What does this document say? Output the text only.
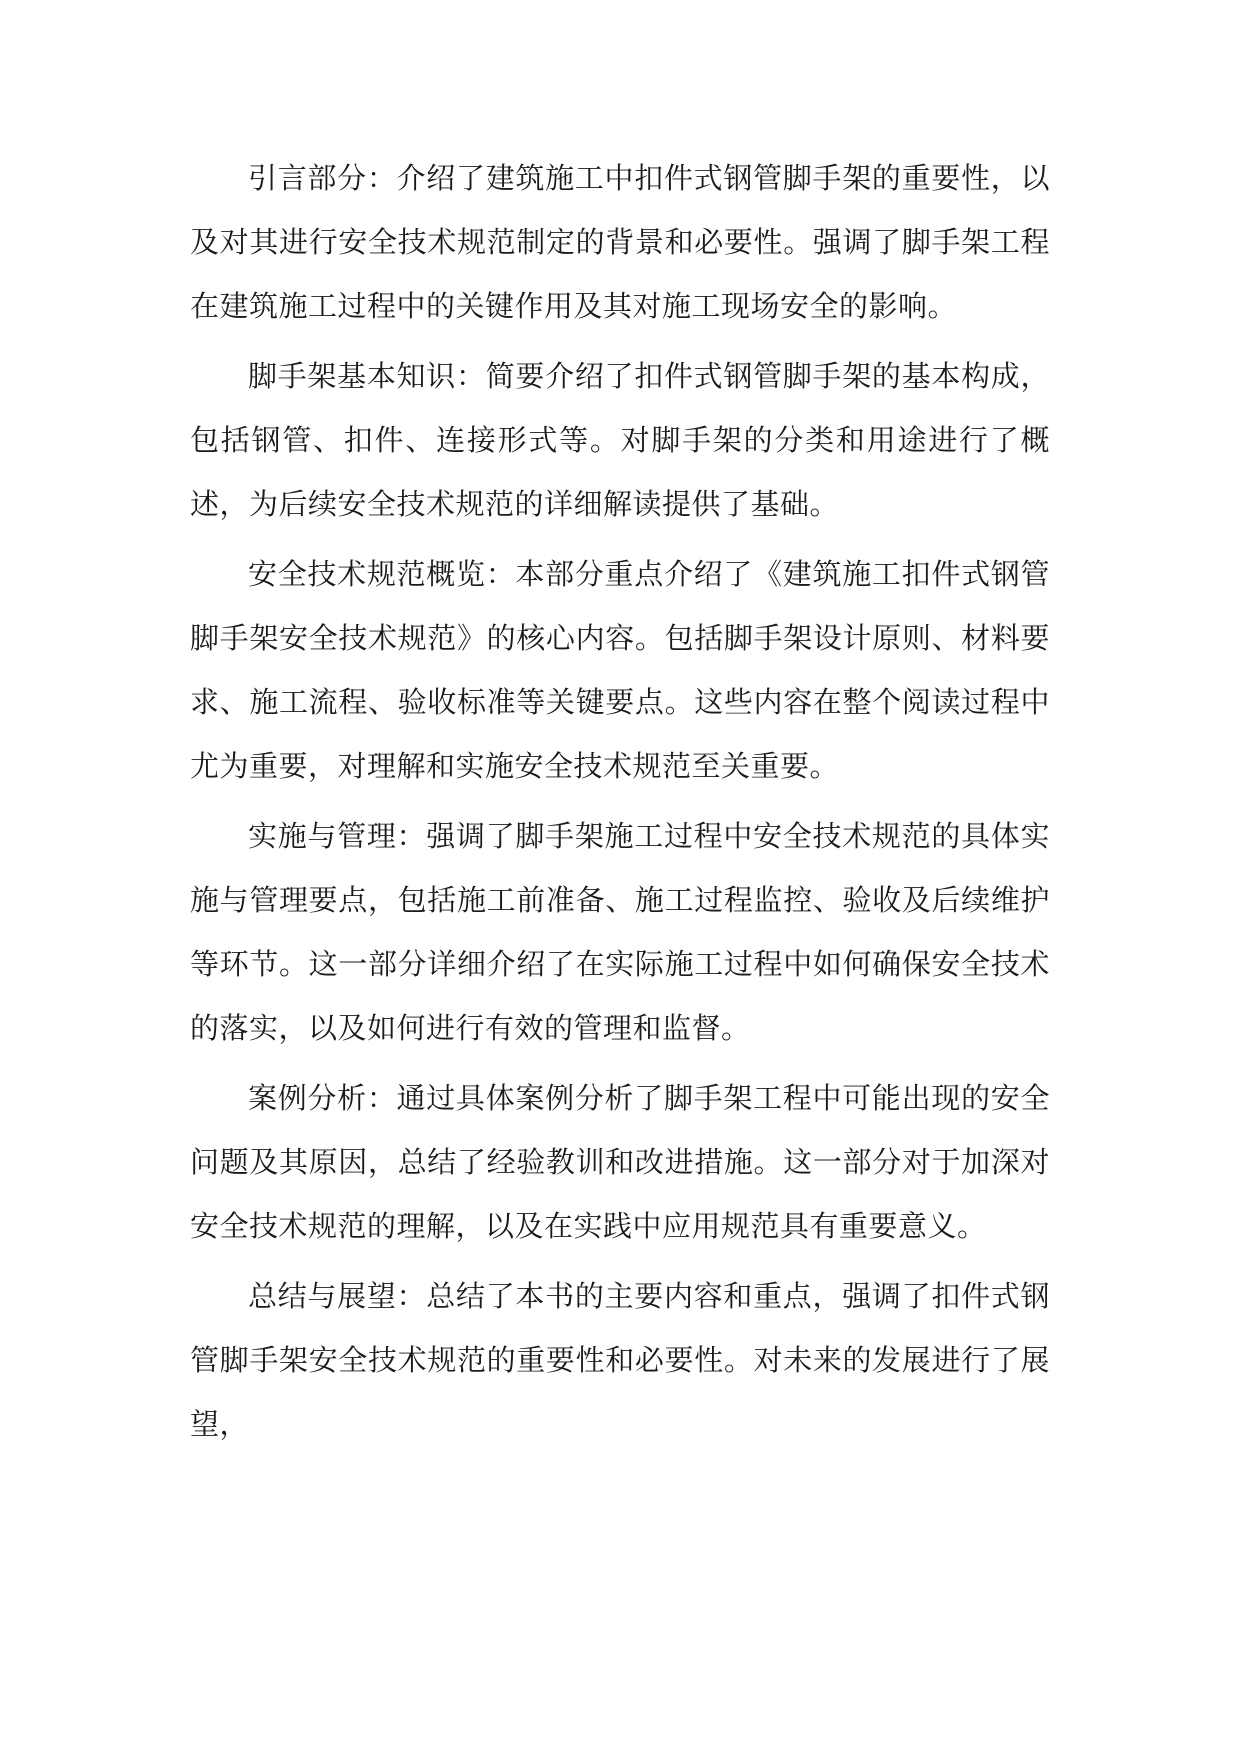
引言部分：介绍了建筑施工中扣件式钢管脚手架的重要性，以及对其进行安全技术规范制定的背景和必要性。强调了脚手架工程在建筑施工过程中的关键作用及其对施工现场安全的影响。

脚手架基本知识：简要介绍了扣件式钢管脚手架的基本构成，包括钢管、扣件、连接形式等。对脚手架的分类和用途进行了概述，为后续安全技术规范的详细解读提供了基础。

安全技术规范概览：本部分重点介绍了《建筑施工扣件式钢管脚手架安全技术规范》的核心内容。包括脚手架设计原则、材料要求、施工流程、验收标准等关键要点。这些内容在整个阅读过程中尤为重要，对理解和实施安全技术规范至关重要。

实施与管理：强调了脚手架施工过程中安全技术规范的具体实施与管理要点，包括施工前准备、施工过程监控、验收及后续维护等环节。这一部分详细介绍了在实际施工过程中如何确保安全技术的落实，以及如何进行有效的管理和监督。

案例分析：通过具体案例分析了脚手架工程中可能出现的安全问题及其原因，总结了经验教训和改进措施。这一部分对于加深对安全技术规范的理解，以及在实践中应用规范具有重要意义。

总结与展望：总结了本书的主要内容和重点，强调了扣件式钢管脚手架安全技术规范的重要性和必要性。对未来的发展进行了展望，
